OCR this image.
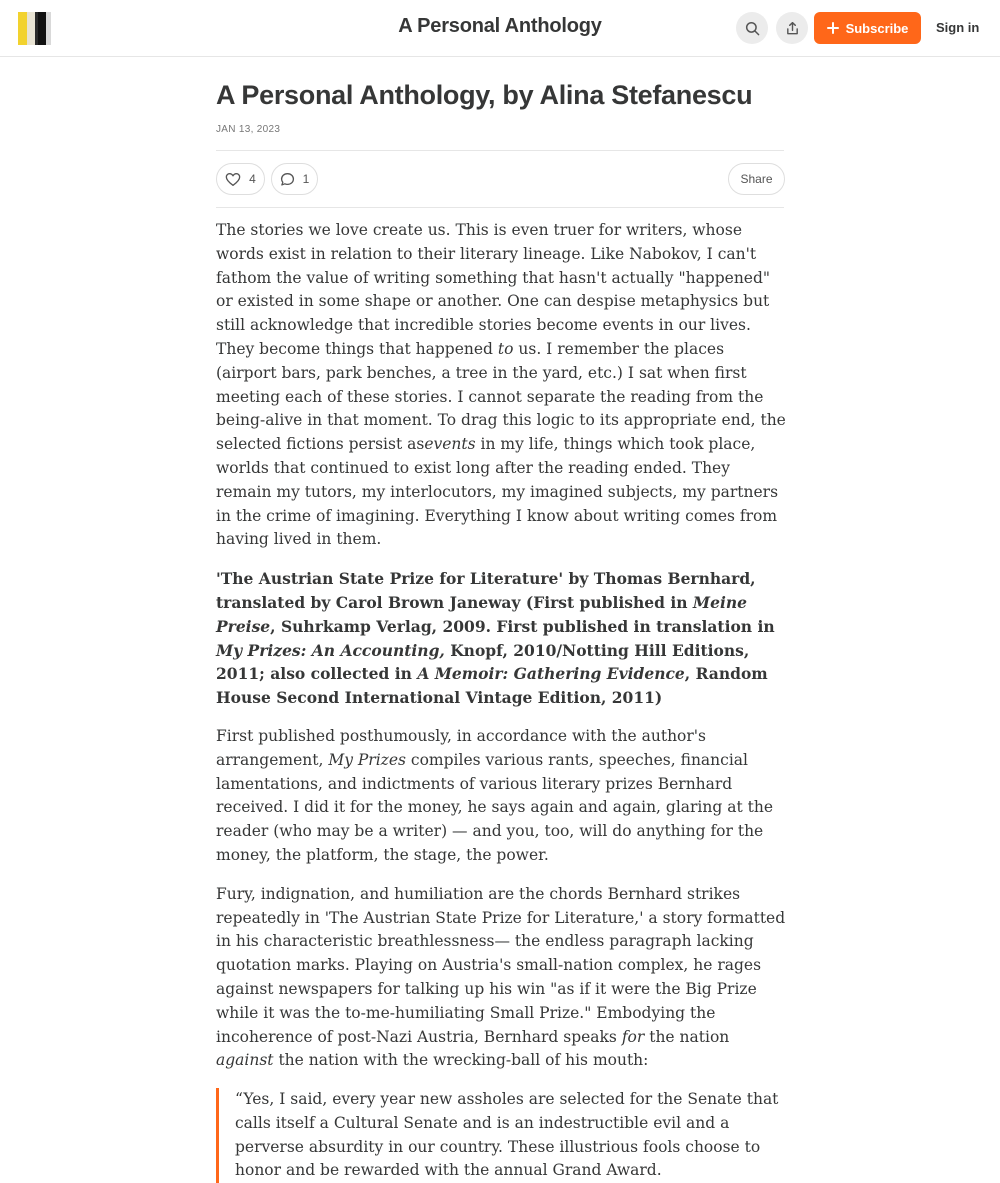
A Personal Anthology	Subscribe Sign in
A Personal Anthology, by Alina Stefanescu
JAN 13, 2023
4	1	Share

The stories we love create us. This is even truer for writers, whose words exist in relation to their literary lineage. Like Nabokov, I can't fathom the value of writing something that hasn't actually "happened" or existed in some shape or another. One can despise metaphysics but still acknowledge that incredible stories become events in our lives. They become things that happened to us. I remember the places (airport bars, park benches, a tree in the yard, etc.) I sat when first meeting each of these stories. I cannot separate the reading from the being-alive in that moment. To drag this logic to its appropriate end, the selected fictions persist asevents in my life, things which took place, worlds that continued to exist long after the reading ended. They remain my tutors, my interlocutors, my imagined subjects, my partners in the crime of imagining. Everything I know about writing comes from having lived in them.

'The Austrian State Prize for Literature' by Thomas Bernhard, translated by Carol Brown Janeway (First published in Meine Preise, Suhrkamp Verlag, 2009. First published in translation in My Prizes: An Accounting, Knopf, 2010/Notting Hill Editions, 2011; also collected in A Memoir: Gathering Evidence, Random House Second International Vintage Edition, 2011)

First published posthumously, in accordance with the author's arrangement, My Prizes compiles various rants, speeches, financial lamentations, and indictments of various literary prizes Bernhard received. I did it for the money, he says again and again, glaring at the reader (who may be a writer) — and you, too, will do anything for the money, the platform, the stage, the power.

Fury, indignation, and humiliation are the chords Bernhard strikes repeatedly in 'The Austrian State Prize for Literature,' a story formatted in his characteristic breathlessness— the endless paragraph lacking quotation marks. Playing on Austria's small-nation complex, he rages against newspapers for talking up his win "as if it were the Big Prize while it was the to-me-humiliating Small Prize." Embodying the incoherence of post-Nazi Austria, Bernhard speaks for the nation against the nation with the wrecking-ball of his mouth:

“Yes, I said, every year new assholes are selected for the Senate that calls itself a Cultural Senate and is an indestructible evil and a perverse absurdity in our country. These illustrious fools choose to honor and be rewarded with the annual Grand Award.
